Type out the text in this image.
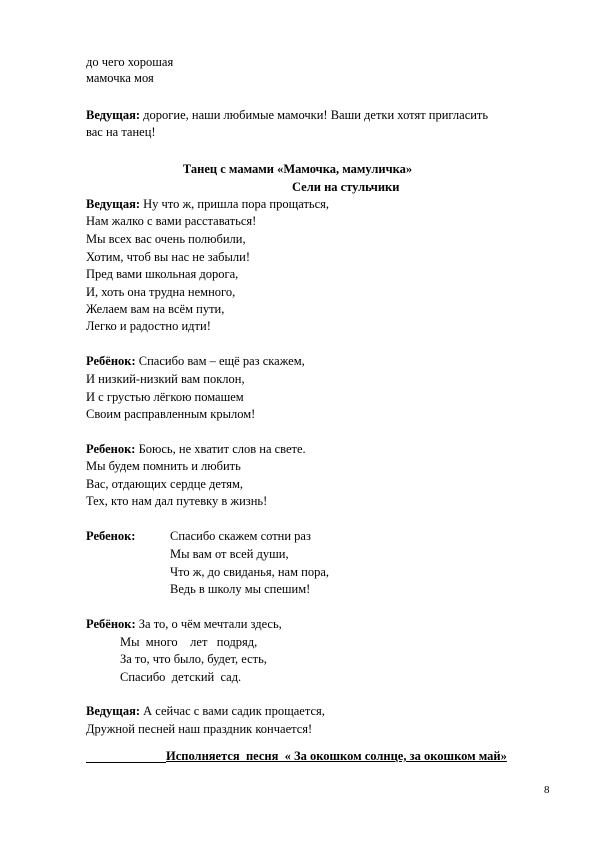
до чего хорошая
мамочка моя
Ведущая: дорогие, наши любимые мамочки! Ваши детки хотят пригласить
вас на танец!
Танец с мамами «Мамочка, мамуличка»
Сели на стульчики
Ведущая: Ну что ж, пришла пора прощаться,
Нам жалко с вами расставаться!
Мы всех вас очень полюбили,
Хотим, чтоб вы нас не забыли!
Пред вами школьная дорога,
И, хоть она трудна немного,
Желаем вам на всём пути,
Легко и радостно идти!
Ребёнок: Спасибо вам – ещё раз скажем,
И низкий-низкий вам поклон,
И с грустью лёгкою помашем
Своим расправленным крылом!
Ребенок: Боюсь, не хватит слов на свете.
Мы будем помнить и любить
Вас, отдающих сердце детям,
Тех, кто нам дал путевку в жизнь!
Ребенок:	Спасибо скажем сотни раз
Мы вам от всей души,
Что ж, до свиданья, нам пора,
Ведь в школу мы спешим!
Ребёнок: За то, о чём мечтали здесь,
Мы  много    лет   подряд,
За то, что было, будет, есть,
Спасибо  детский  сад.
Ведущая: А сейчас с вами садик прощается,
Дружной песней наш праздник кончается!
Исполняется  песня  « За окошком солнце, за окошком май»
8
